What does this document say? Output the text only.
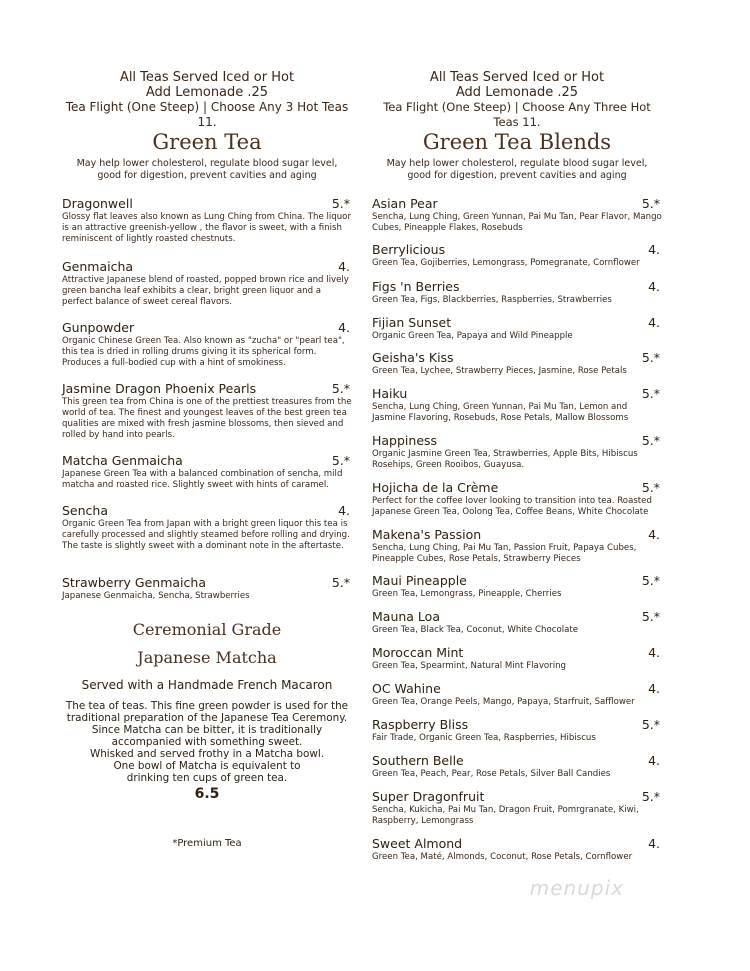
All Teas Served Iced or Hot
Add Lemonade .25
Tea Flight (One Steep) | Choose Any 3 Hot Teas 11.
Green Tea
May help lower cholesterol, regulate blood sugar level,
good for digestion, prevent cavities and aging
Dragonwell	5.*
Glossy flat leaves also known as Lung Ching from China. The liquor is an attractive greenish-yellow , the flavor is sweet, with a finish reminiscent of lightly roasted chestnuts.
Genmaicha	4.
Attractive Japanese blend of roasted, popped brown rice and lively green bancha leaf exhibits a clear, bright green liquor and a perfect balance of sweet cereal flavors.
Gunpowder	4.
Organic Chinese Green Tea. Also known as "zucha" or "pearl tea", this tea is dried in rolling drums giving it its spherical form. Produces a full-bodied cup with a hint of smokiness.
Jasmine Dragon Phoenix Pearls	5.*
This green tea from China is one of the prettiest treasures from the world of tea. The finest and youngest leaves of the best green tea qualities are mixed with fresh jasmine blossoms, then sieved and rolled by hand into pearls.
Matcha Genmaicha	5.*
Japanese Green Tea with a balanced combination of sencha, mild matcha and roasted rice. Slightly sweet with hints of caramel.
Sencha	4.
Organic Green Tea from Japan with a bright green liquor this tea is carefully processed and slightly steamed before rolling and drying. The taste is slightly sweet with a dominant note in the aftertaste.
Strawberry Genmaicha	5.*
Japanese Genmaicha, Sencha, Strawberries
Ceremonial Grade
Japanese Matcha
Served with a Handmade French Macaron
The tea of teas. This fine green powder is used for the
traditional preparation of the Japanese Tea Ceremony.
Since Matcha can be bitter, it is traditionally
accompanied with something sweet.
Whisked and served frothy in a Matcha bowl.
One bowl of Matcha is equivalent to
drinking ten cups of green tea.
6.5
*Premium Tea
All Teas Served Iced or Hot
Add Lemonade .25
Tea Flight (One Steep) | Choose Any Three Hot Teas 11.
Green Tea Blends
May help lower cholesterol, regulate blood sugar level,
good for digestion, prevent cavities and aging
Asian Pear	5.*
Sencha, Lung Ching, Green Yunnan, Pai Mu Tan, Pear Flavor, Mango Cubes, Pineapple Flakes, Rosebuds
Berrylicious	4.
Green Tea, Gojiberries, Lemongrass, Pomegranate, Cornflower
Figs 'n Berries	4.
Green Tea, Figs, Blackberries, Raspberries, Strawberries
Fijian Sunset	4.
Organic Green Tea, Papaya and Wild Pineapple
Geisha's Kiss	5.*
Green Tea, Lychee, Strawberry Pieces, Jasmine, Rose Petals
Haiku	5.*
Sencha, Lung Ching, Green Yunnan, Pai Mu Tan, Lemon and Jasmine Flavoring, Rosebuds, Rose Petals, Mallow Blossoms
Happiness	5.*
Organic Jasmine Green Tea, Strawberries, Apple Bits, Hibiscus Rosehips, Green Rooibos, Guayusa.
Hojicha de la Crème	5.*
Perfect for the coffee lover looking to transition into tea. Roasted Japanese Green Tea, Oolong Tea, Coffee Beans, White Chocolate
Makena's Passion	4.
Sencha, Lung Ching, Pai Mu Tan, Passion Fruit, Papaya Cubes, Pineapple Cubes, Rose Petals, Strawberry Pieces
Maui Pineapple	5.*
Green Tea, Lemongrass, Pineapple, Cherries
Mauna Loa	5.*
Green Tea, Black Tea, Coconut, White Chocolate
Moroccan Mint	4.
Green Tea, Spearmint, Natural Mint Flavoring
OC Wahine	4.
Green Tea, Orange Peels, Mango, Papaya, Starfruit, Safflower
Raspberry Bliss	5.*
Fair Trade, Organic Green Tea, Raspberries, Hibiscus
Southern Belle	4.
Green Tea, Peach, Pear, Rose Petals, Silver Ball Candies
Super Dragonfruit	5.*
Sencha, Kukicha, Pai Mu Tan, Dragon Fruit, Pomrgranate, Kiwi, Raspberry, Lemongrass
Sweet Almond	4.
Green Tea, Maté, Almonds, Coconut, Rose Petals, Cornflower
menupix
